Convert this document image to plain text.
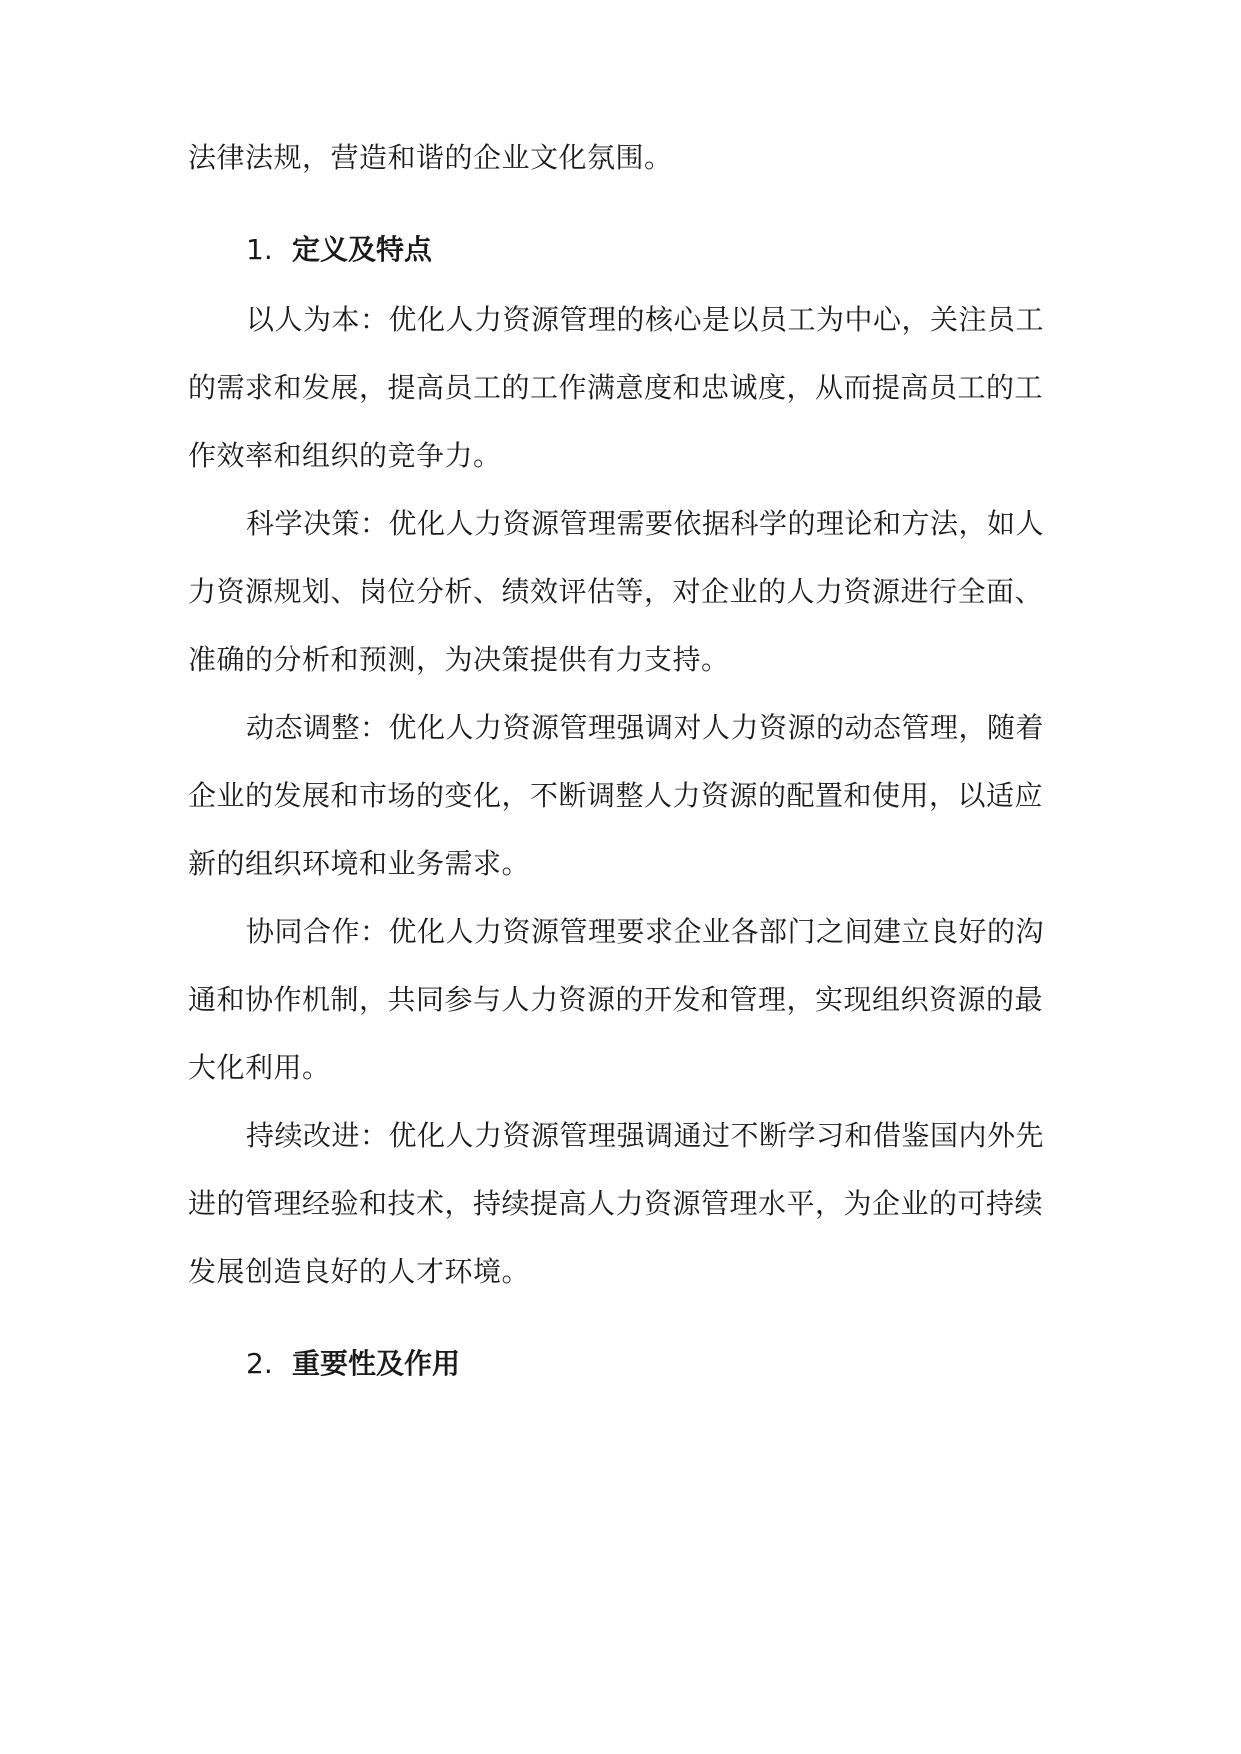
法律法规，营造和谐的企业文化氛围。
1. 定义及特点
以人为本：优化人力资源管理的核心是以员工为中心，关注员工
的需求和发展，提高员工的工作满意度和忠诚度，从而提高员工的工
作效率和组织的竞争力。
科学决策：优化人力资源管理需要依据科学的理论和方法，如人
力资源规划、岗位分析、绩效评估等，对企业的人力资源进行全面、
准确的分析和预测，为决策提供有力支持。
动态调整：优化人力资源管理强调对人力资源的动态管理，随着
企业的发展和市场的变化，不断调整人力资源的配置和使用，以适应
新的组织环境和业务需求。
协同合作：优化人力资源管理要求企业各部门之间建立良好的沟
通和协作机制，共同参与人力资源的开发和管理，实现组织资源的最
大化利用。
持续改进：优化人力资源管理强调通过不断学习和借鉴国内外先
进的管理经验和技术，持续提高人力资源管理水平，为企业的可持续
发展创造良好的人才环境。
2. 重要性及作用
